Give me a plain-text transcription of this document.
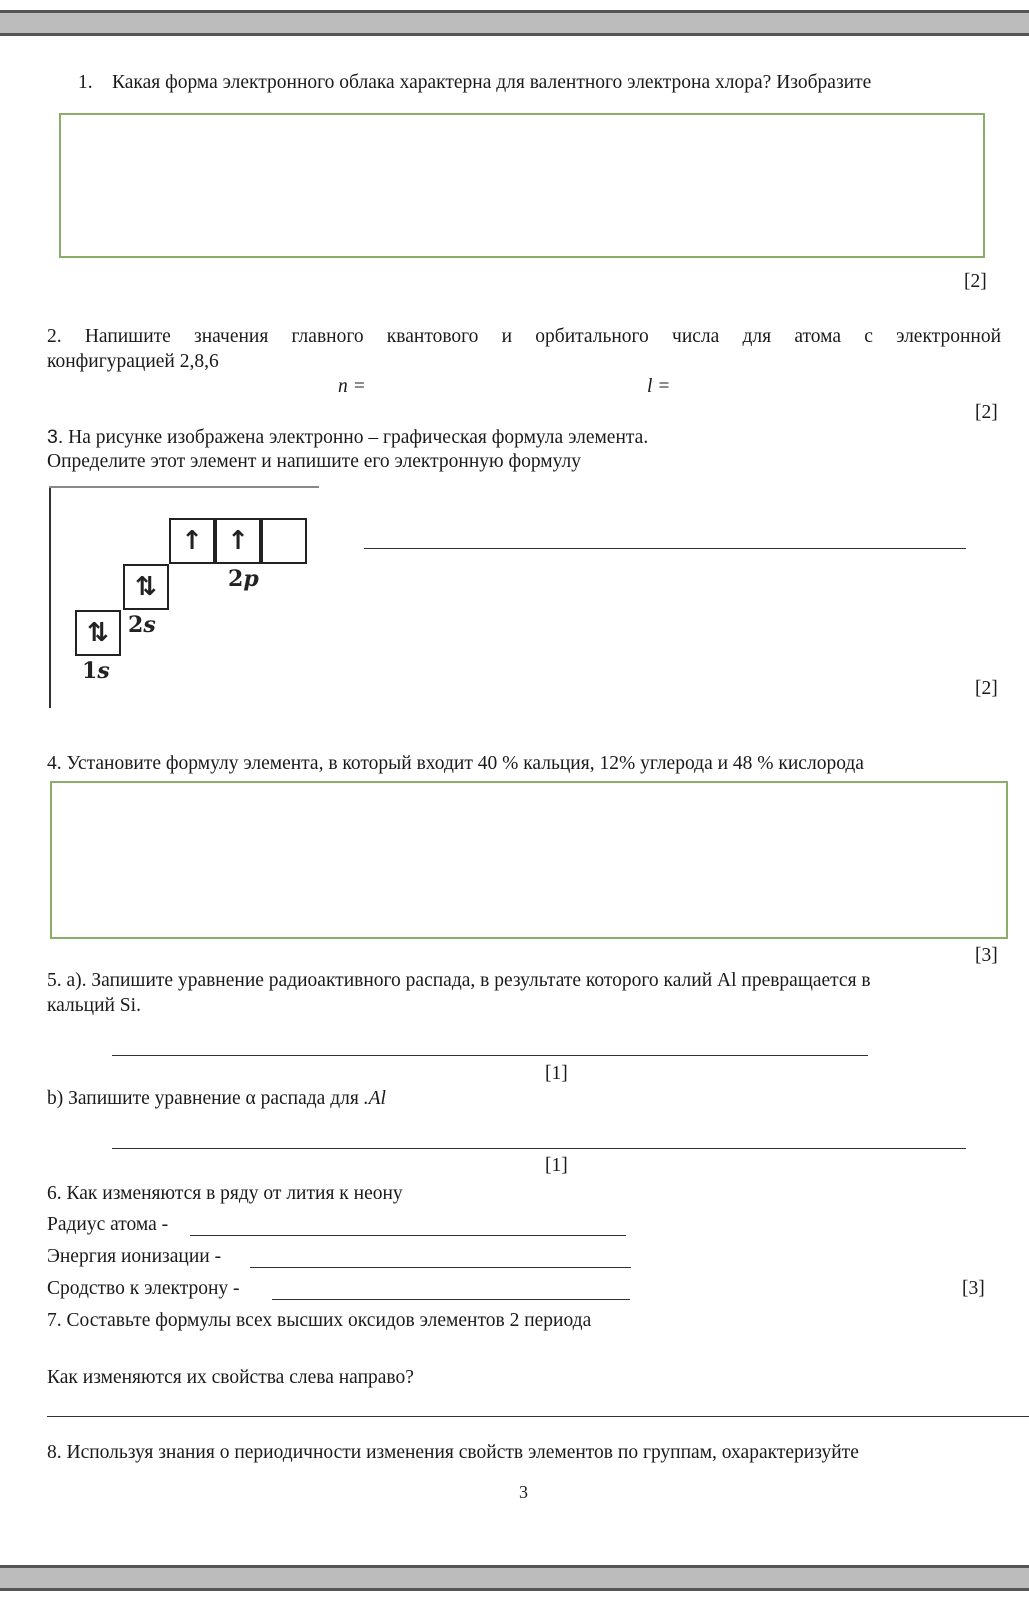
1. Какая форма электронного облака характерна для валентного электрона хлора? Изобразите
[2]
2. Напишите значения главного квантового и орбитального числа для атома с электронной
конфигурацией 2,8,6
n =	l =
[2]
3. На рисунке изображена электронно – графическая формула элемента.
Определите этот элемент и напишите его электронную формулу
↑ ↑
2p
⇅
2s
⇅
1s
[2]
4. Установите формулу элемента, в который входит 40 % кальция, 12% углерода и 48 % кислорода
[3]
5. а). Запишите уравнение радиоактивного распада, в результате которого калий Al превращается в
кальций Si.
[1]
b) Запишите уравнение α распада для .Al
[1]
6. Как изменяются в ряду от лития к неону
Радиус атома -
Энергия ионизации -
Сродство к электрону -	[3]
7. Составьте формулы всех высших оксидов элементов 2 периода
Как изменяются их свойства слева направо?
8. Используя знания о периодичности изменения свойств элементов по группам, охарактеризуйте
3
